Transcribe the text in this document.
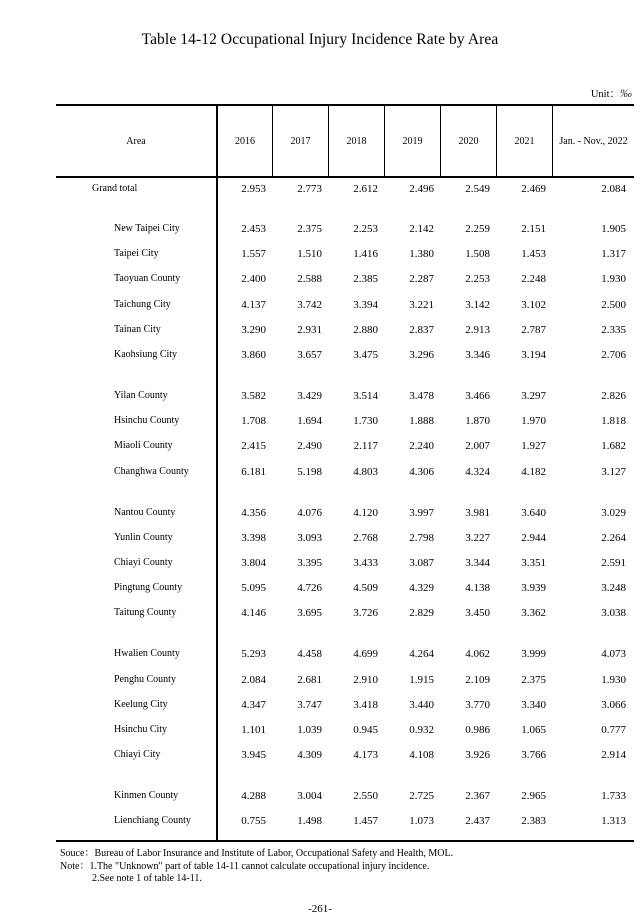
Table 14-12 Occupational Injury Incidence Rate by Area
Unit：‰
Area	2016	2017	2018	2019	2020	2021	Jan. - Nov., 2022
Grand total	2.953	2.773	2.612	2.496	2.549	2.469	2.084
New Taipei City	2.453	2.375	2.253	2.142	2.259	2.151	1.905
Taipei City	1.557	1.510	1.416	1.380	1.508	1.453	1.317
Taoyuan County	2.400	2.588	2.385	2.287	2.253	2.248	1.930
Taichung City	4.137	3.742	3.394	3.221	3.142	3.102	2.500
Tainan City	3.290	2.931	2.880	2.837	2.913	2.787	2.335
Kaohsiung City	3.860	3.657	3.475	3.296	3.346	3.194	2.706
Yilan County	3.582	3.429	3.514	3.478	3.466	3.297	2.826
Hsinchu County	1.708	1.694	1.730	1.888	1.870	1.970	1.818
Miaoli County	2.415	2.490	2.117	2.240	2.007	1.927	1.682
Changhwa County	6.181	5.198	4.803	4.306	4.324	4.182	3.127
Nantou County	4.356	4.076	4.120	3.997	3.981	3.640	3.029
Yunlin County	3.398	3.093	2.768	2.798	3.227	2.944	2.264
Chiayi County	3.804	3.395	3.433	3.087	3.344	3.351	2.591
Pingtung County	5.095	4.726	4.509	4.329	4.138	3.939	3.248
Taitung County	4.146	3.695	3.726	2.829	3.450	3.362	3.038
Hwalien County	5.293	4.458	4.699	4.264	4.062	3.999	4.073
Penghu County	2.084	2.681	2.910	1.915	2.109	2.375	1.930
Keelung City	4.347	3.747	3.418	3.440	3.770	3.340	3.066
Hsinchu City	1.101	1.039	0.945	0.932	0.986	1.065	0.777
Chiayi City	3.945	4.309	4.173	4.108	3.926	3.766	2.914
Kinmen County	4.288	3.004	2.550	2.725	2.367	2.965	1.733
Lienchiang County	0.755	1.498	1.457	1.073	2.437	2.383	1.313
Souce：Bureau of Labor Insurance and Institute of Labor, Occupational Safety and Health, MOL.
Note：1.The "Unknown" part of table 14-11 cannot calculate occupational injury incidence.
2.See note 1 of table 14-11.
-261-
